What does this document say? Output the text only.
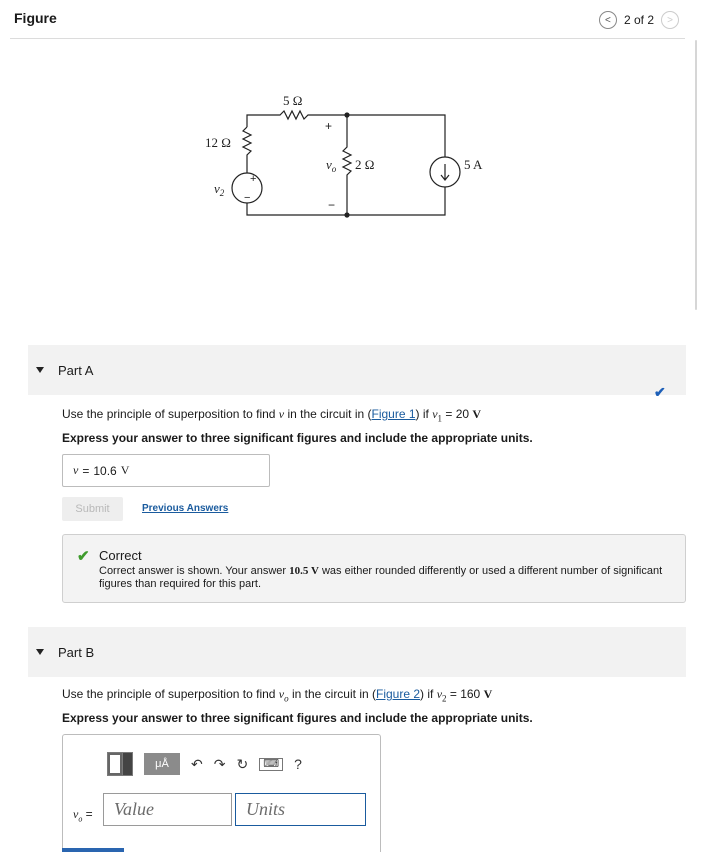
Figure	< 2 of 2 >
5 Ω
12 Ω
2 Ω	5 A
$v_2$
$v_o$
+
−
+
−
Part A
✔
Use the principle of superposition to find v in the circuit in (Figure 1) if $v_1 = 20$ V
Express your answer to three significant figures and include the appropriate units.
v = 10.6 V
Submit	Previous Answers
✔ Correct
Correct answer is shown. Your answer 10.5 V was either rounded differently or used a different number of significant figures than required for this part.
Part B
Use the principle of superposition to find $v_o$ in the circuit in (Figure 2) if $v_2 = 160$ V
Express your answer to three significant figures and include the appropriate units.
μÅ	↶ ↷ ↻	⌨ ?
$v_o$ =	Value	Units
